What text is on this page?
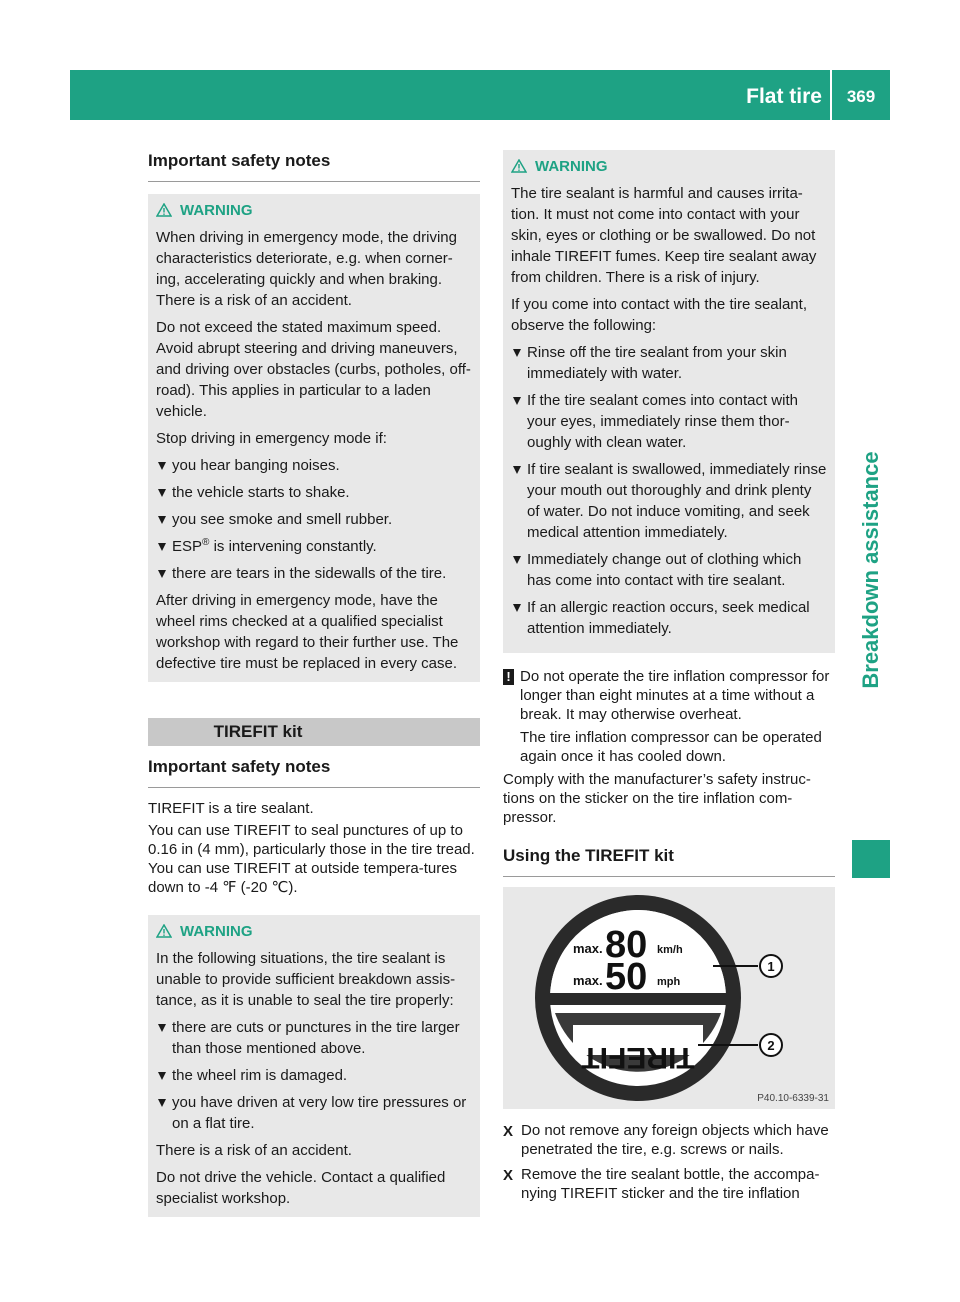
Flat tire	369
Breakdown assistance
Important safety notes
WARNING

When driving in emergency mode, the driving characteristics deteriorate, e.g. when corner-ing, accelerating quickly and when braking. There is a risk of an accident.

Do not exceed the stated maximum speed. Avoid abrupt steering and driving maneuvers, and driving over obstacles (curbs, potholes, off-road). This applies in particular to a laden vehicle.

Stop driving in emergency mode if:

you hear banging noises.
the vehicle starts to shake.
you see smoke and smell rubber.
ESP® is intervening constantly.
there are tears in the sidewalls of the tire.

After driving in emergency mode, have the wheel rims checked at a qualified specialist workshop with regard to their further use. The defective tire must be replaced in every case.

TIREFIT kit
Important safety notes

TIREFIT is a tire sealant.

You can use TIREFIT to seal punctures of up to 0.16 in (4 mm), particularly those in the tire tread. You can use TIREFIT at outside tempera-tures down to -4 ℉ (-20 ℃).

WARNING

In the following situations, the tire sealant is unable to provide sufficient breakdown assis-tance, as it is unable to seal the tire properly:

there are cuts or punctures in the tire larger than those mentioned above.
the wheel rim is damaged.
you have driven at very low tire pressures or on a flat tire.

There is a risk of an accident.

Do not drive the vehicle. Contact a qualified specialist workshop.

WARNING

The tire sealant is harmful and causes irrita-tion. It must not come into contact with your skin, eyes or clothing or be swallowed. Do not inhale TIREFIT fumes. Keep tire sealant away from children. There is a risk of injury.

If you come into contact with the tire sealant, observe the following:

Rinse off the tire sealant from your skin immediately with water.
If the tire sealant comes into contact with your eyes, immediately rinse them thor-oughly with clean water.
If tire sealant is swallowed, immediately rinse your mouth out thoroughly and drink plenty of water. Do not induce vomiting, and seek medical attention immediately.
Immediately change out of clothing which has come into contact with tire sealant.
If an allergic reaction occurs, seek medical attention immediately.
! Do not operate the tire inflation compressor for longer than eight minutes at a time without a break. It may otherwise overheat.

The tire inflation compressor can be operated again once it has cooled down.

Comply with the manufacturer’s safety instruc-tions on the sticker on the tire inflation com-pressor.

Using the TIREFIT kit
max. 80 km/h
max. 50 mph
TIREFIT
1
2
P40.10-6339-31
X Do not remove any foreign objects which have penetrated the tire, e.g. screws or nails.
X Remove the tire sealant bottle, the accompa-nying TIREFIT sticker and the tire inflation
